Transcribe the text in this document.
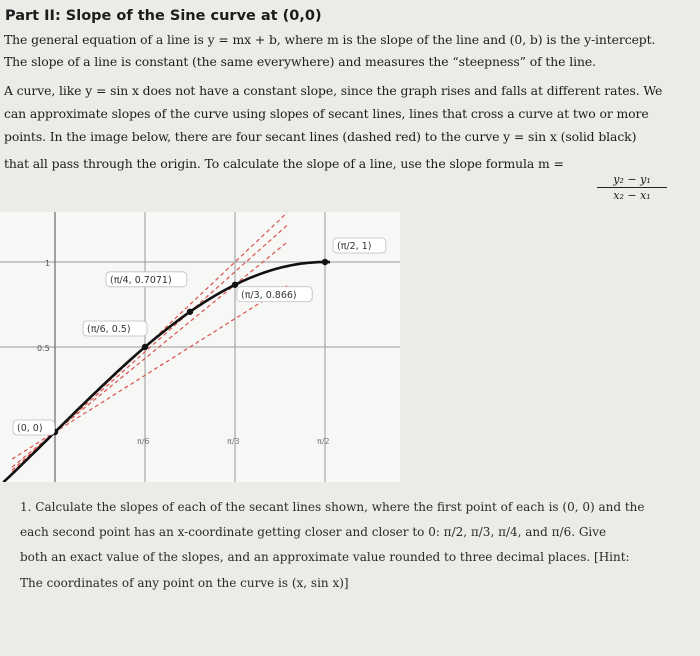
Part II: Slope of the Sine curve at (0,0)
The general equation of a line is y = mx + b, where m is the slope of the line and (0, b) is the y-intercept.
The slope of a line is constant (the same everywhere) and measures the “steepness” of the line.
A curve, like y = sin x does not have a constant slope, since the graph rises and falls at different rates. We
can approximate slopes of the curve using slopes of secant lines, lines that cross a curve at two or more
points. In the image below, there are four secant lines (dashed red) to the curve y = sin x (solid black)
that all pass through the origin. To calculate the slope of a line, use the slope formula m =
$\frac{\text{y₂ − y₁}}{\text{x₂ − x₁}}$
1
0.5
π/6	π/3	π/2
(0, 0)
(π/6, 0.5)
(π/4, 0.7071)
(π/3, 0.866)
(π/2, 1)
1. Calculate the slopes of each of the secant lines shown, where the first point of each is (0, 0) and the
each second point has an x-coordinate getting closer and closer to 0: π/2, π/3, π/4, and π/6. Give
both an exact value of the slopes, and an approximate value rounded to three decimal places. [Hint:
The coordinates of any point on the curve is (x, sin x)]
